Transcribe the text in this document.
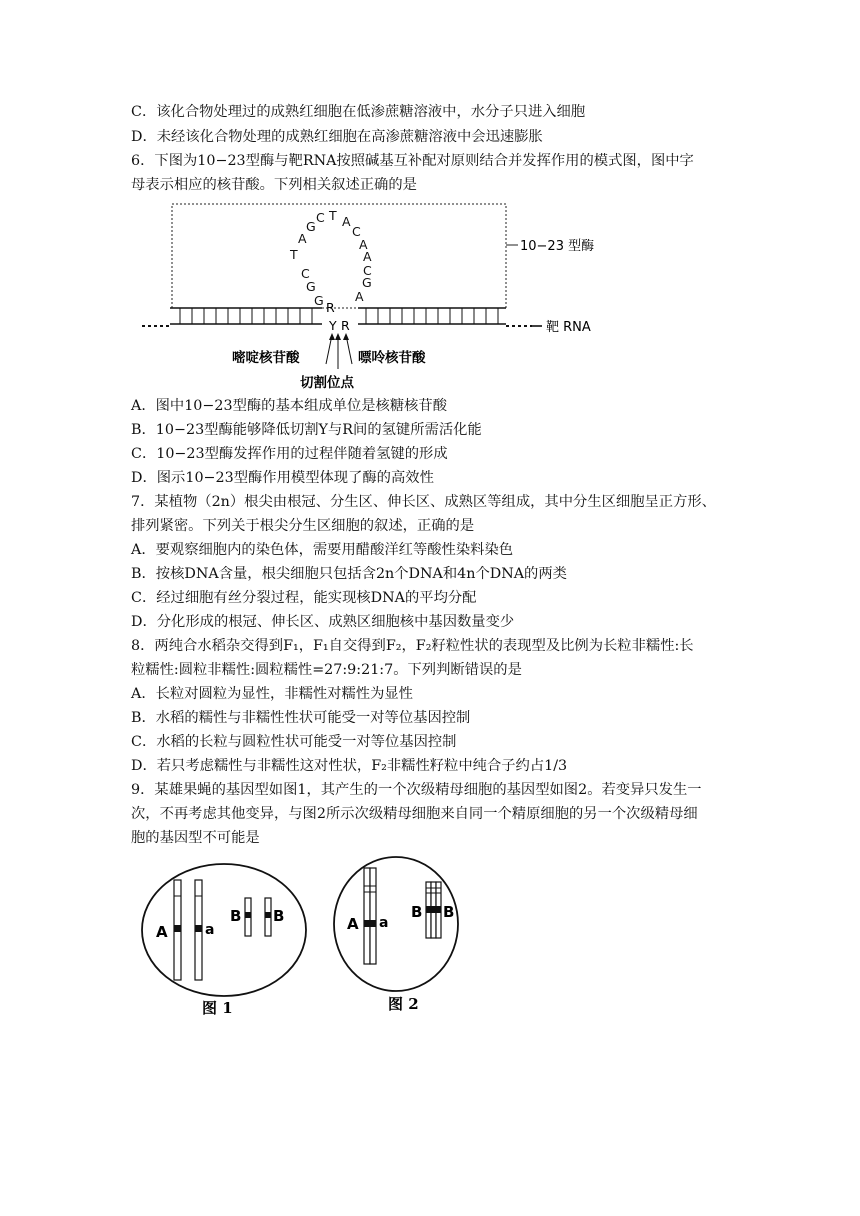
C．该化合物处理过的成熟红细胞在低渗蔗糖溶液中，水分子只进入细胞
D．未经该化合物处理的成熟红细胞在高渗蔗糖溶液中会迅速膨胀
6．下图为10−23型酶与靶RNA按照碱基互补配对原则结合并发挥作用的模式图，图中字
母表示相应的核苷酸。下列相关叙述正确的是
10−23 型酶
靶 RNA
G
G
C
T
A
G
C T A
C
A
A
C
G
A
R
Y R
嘧啶核苷酸	嘌呤核苷酸
切割位点
A．图中10−23型酶的基本组成单位是核糖核苷酸
B．10−23型酶能够降低切割Y与R间的氢键所需活化能
C．10−23型酶发挥作用的过程伴随着氢键的形成
D．图示10−23型酶作用模型体现了酶的高效性
7．某植物（2n）根尖由根冠、分生区、伸长区、成熟区等组成，其中分生区细胞呈正方形、
排列紧密。下列关于根尖分生区细胞的叙述，正确的是
A．要观察细胞内的染色体，需要用醋酸洋红等酸性染料染色
B．按核DNA含量，根尖细胞只包括含2n个DNA和4n个DNA的两类
C．经过细胞有丝分裂过程，能实现核DNA的平均分配
D．分化形成的根冠、伸长区、成熟区细胞核中基因数量变少
8．两纯合水稻杂交得到F₁，F₁自交得到F₂，F₂籽粒性状的表现型及比例为长粒非糯性:长
粒糯性:圆粒非糯性:圆粒糯性=27:9:21:7。下列判断错误的是
A．长粒对圆粒为显性，非糯性对糯性为显性
B．水稻的糯性与非糯性性状可能受一对等位基因控制
C．水稻的长粒与圆粒性状可能受一对等位基因控制
D．若只考虑糯性与非糯性这对性状，F₂非糯性籽粒中纯合子约占1/3
9．某雄果蝇的基因型如图1，其产生的一个次级精母细胞的基因型如图2。若变异只发生一
次，不再考虑其他变异，与图2所示次级精母细胞来自同一个精原细胞的另一个次级精母细
胞的基因型不可能是
A	a
B B
图 1
A a
B B
图 2
